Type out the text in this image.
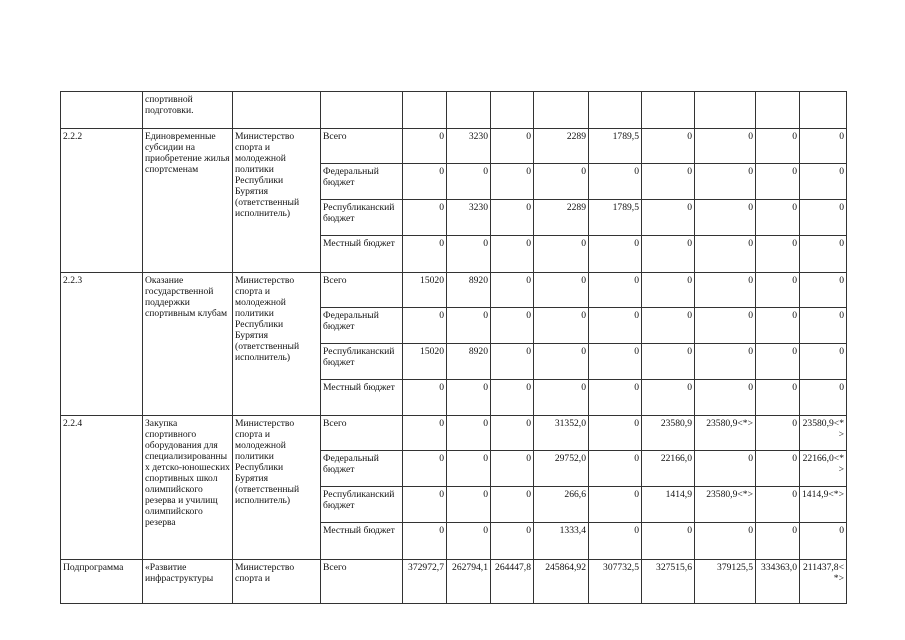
	спортивной подготовки.											
2.2.2	Единовременные субсидии на приобретение жилья спортсменам	Министерство спорта и молодежной политики Республики Бурятия (ответственный исполнитель)	Всего	0	3230	0	2289	1789,5	0	0	0	0
			Федеральный бюджет	0	0	0	0	0	0	0	0	0
			Республиканский бюджет	0	3230	0	2289	1789,5	0	0	0	0
			Местный бюджет	0	0	0	0	0	0	0	0	0
2.2.3	Оказание государственной поддержки спортивным клубам	Министерство спорта и молодежной политики Республики Бурятия (ответственный исполнитель)	Всего	15020	8920	0	0	0	0	0	0	0
			Федеральный бюджет	0	0	0	0	0	0	0	0	0
			Республиканский бюджет	15020	8920	0	0	0	0	0	0	0
			Местный бюджет	0	0	0	0	0	0	0	0	0
2.2.4	Закупка спортивного оборудования для специализированных детско-юношеских спортивных школ олимпийского резерва и училищ олимпийского резерва	Министерство спорта и молодежной политики Республики Бурятия (ответственный исполнитель)	Всего	0	0	0	31352,0	0	23580,9	23580,9<*>	0	23580,9<*>
			Федеральный бюджет	0	0	0	29752,0	0	22166,0	0	0	22166,0<*>
			Республиканский бюджет	0	0	0	266,6	0	1414,9	23580,9<*>	0	1414,9<*>
			Местный бюджет	0	0	0	1333,4	0	0	0	0	0
Подпрограмма	«Развитие инфраструктуры	Министерство спорта и	Всего	372972,7	262794,1	264447,8	245864,92	307732,5	327515,6	379125,5	334363,0	211437,8<*>
